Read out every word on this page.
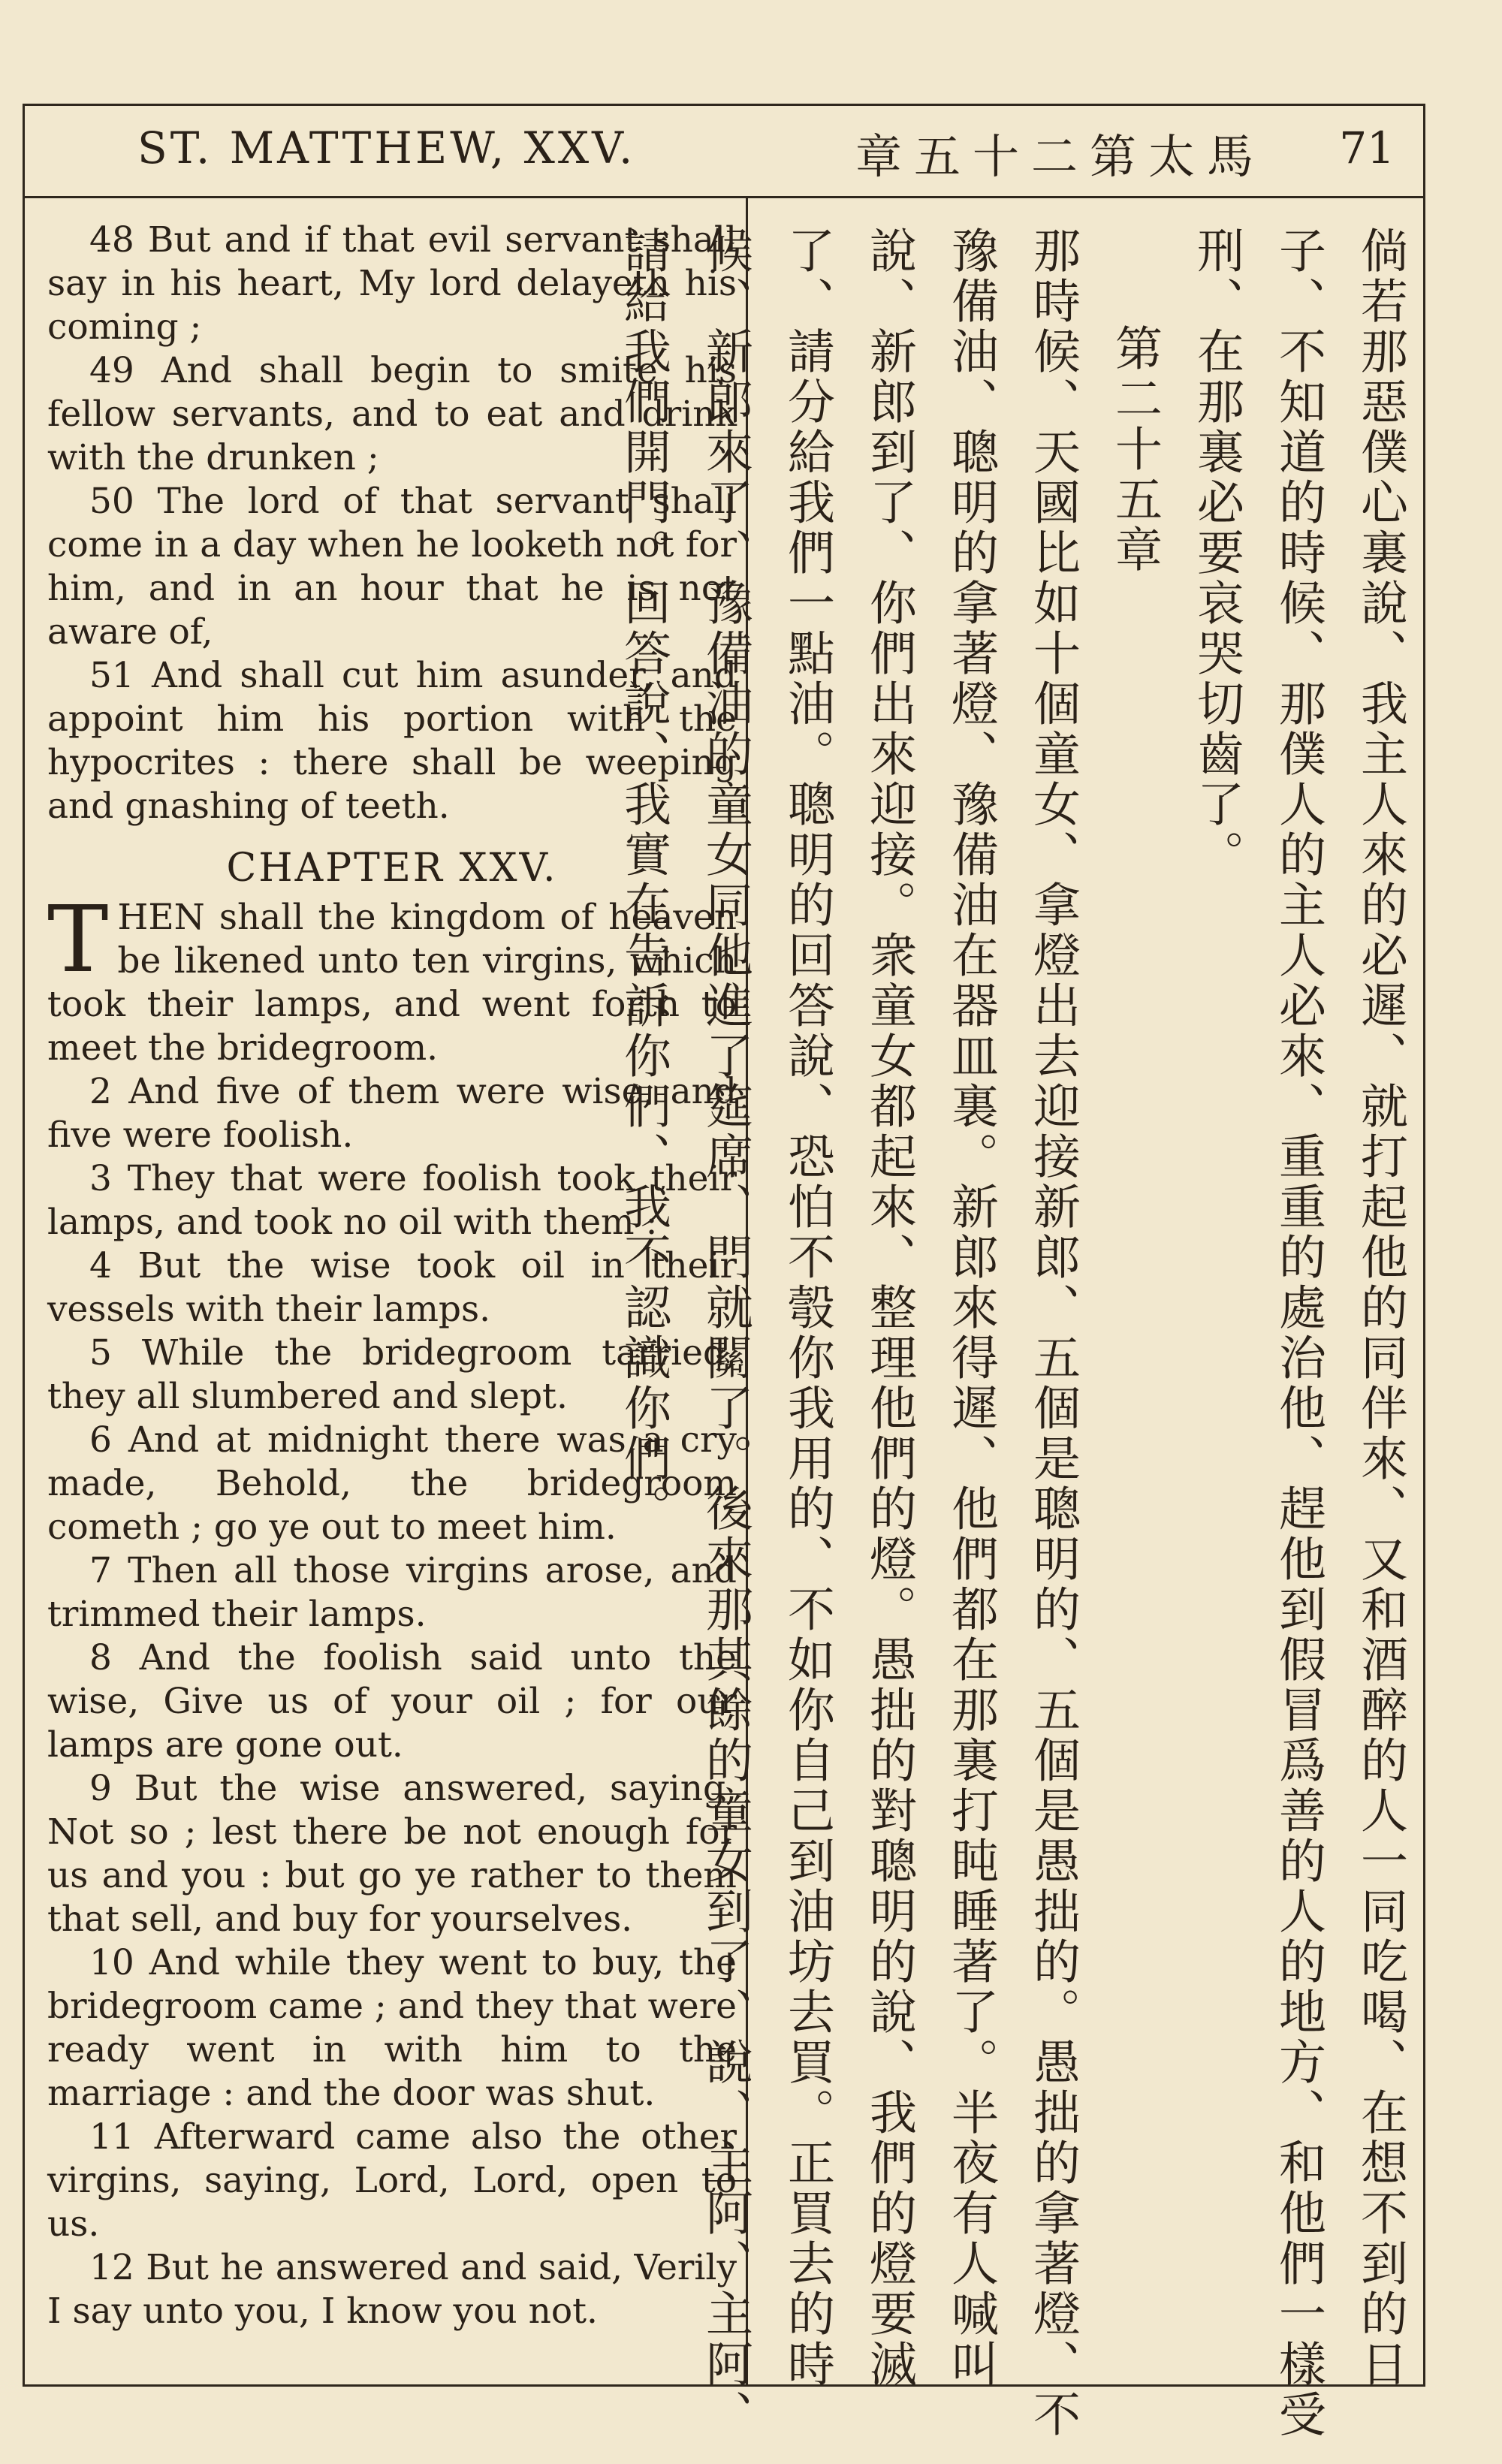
ST. MATTHEW, XXV.	章五十二第太馬 71

48 But and if that evil servant shall say in his heart, My lord delayeth his coming ;

49 And shall begin to smite his fellow servants, and to eat and drink with the drunken ;

50 The lord of that servant shall come in a day when he looketh not for him, and in an hour that he is not aware of,

51 And shall cut him asunder, and appoint him his portion with the hypocrites : there shall be weeping and gnashing of teeth.

CHAPTER XXV.

THEN shall the kingdom of heaven be likened unto ten virgins, which took their lamps, and went forth to meet the bridegroom.

2 And five of them were wise, and five were foolish.

3 They that were foolish took their lamps, and took no oil with them :

4 But the wise took oil in their vessels with their lamps.

5 While the bridegroom tarried, they all slumbered and slept.

6 And at midnight there was a cry made, Behold, the bridegroom cometh ; go ye out to meet him.

7 Then all those virgins arose, and trimmed their lamps.

8 And the foolish said unto the wise, Give us of your oil ; for our lamps are gone out.

9 But the wise answered, saying, Not so ; lest there be not enough for us and you : but go ye rather to them that sell, and buy for yourselves.

10 And while they went to buy, the bridegroom came ; and they that were ready went in with him to the marriage : and the door was shut.

11 Afterward came also the other virgins, saying, Lord, Lord, open to us.

12 But he answered and said, Verily I say unto you, I know you not.	倘若那惡僕心裏說、我主人來的必遲、就打起他的同伴來、又和酒醉的人一同吃喝、在想不到的日子、不知道的時候、那僕人的主人必來、重重的處治他、趕他到假冒爲善的人的地方、和他們一樣受刑、在那裏必要哀哭切齒了。

第二十五章

那時候、天國比如十個童女、拿燈出去迎接新郎、五個是聰明的、五個是愚拙的。愚拙的拿著燈、不豫備油、聰明的拿著燈、豫備油在器皿裏。新郎來得遲、他們都在那裏打盹睡著了。半夜有人喊叫說、新郎到了、你們出來迎接。衆童女都起來、整理他們的燈。愚拙的對聰明的說、我們的燈要滅了、請分給我們一點油。聰明的回答說、恐怕不彀你我用的、不如你自己到油坊去買。正買去的時候、新郎來了、豫備油的童女同他進了筵席、門就關了。後來那其餘的童女到了、說、主阿、主阿、請給我們開門。回答說、我實在告訴你們、我不認識你們。
